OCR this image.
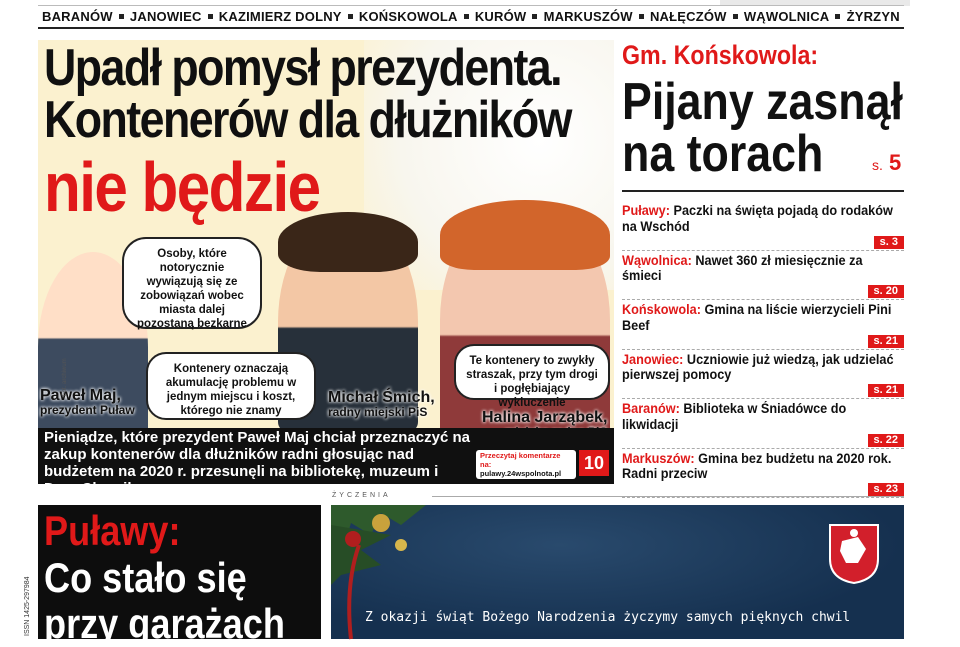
BARANÓW JANOWIEC KAZIMIERZ DOLNY KOŃSKOWOLA KURÓW MARKUSZÓW NAŁĘCZÓW WĄWOLNICA ŻYRZYN
Upadł pomysł prezydenta.
Kontenerów dla dłużników
nie będzie
Osoby, które notorycznie wywiązują się ze zobowiązań wobec miasta dalej pozostaną bezkarne
Kontenery oznaczają akumulację problemu w jednym miejscu i koszt, którego nie znamy
Te kontenery to zwykły straszak, przy tym drogi i pogłębiający wykluczenie
Paweł Maj,
prezydent Puław
Michał Śmich,
radny miejski PiS	Halina Jarząbek,
Fot. archiwum
Pieniądze, które prezydent Paweł Maj chciał przeznaczyć na zakup kontenerów dla dłużników radni głosując nad budżetem na 2020 r. przesunęli na bibliotekę, muzeum i Dom Chemika.
Przeczytaj komentarze na:
pulawy.24wspolnota.pl
10
Gm. Końskowola:
Pijany zasnął
na torach	s. 5
Puławy: Paczki na święta pojadą do rodaków na Wschód
s. 3
Wąwolnica: Nawet 360 zł miesięcznie za śmieci
s. 20
Końskowola: Gmina na liście wierzycieli Pini Beef
s. 21
Janowiec: Uczniowie już wiedzą, jak udzielać pierwszej pomocy
s. 21
Baranów: Biblioteka w Śniadówce do likwidacji
s. 22
Markuszów: Gmina bez budżetu na 2020 rok. Radni przeciw
s. 23
ŻYCZENIA
Puławy:
Co stało się
przy garażach
ISSN 1425-297984	Z okazji świąt Bożego Narodzenia życzymy samych pięknych chwil
